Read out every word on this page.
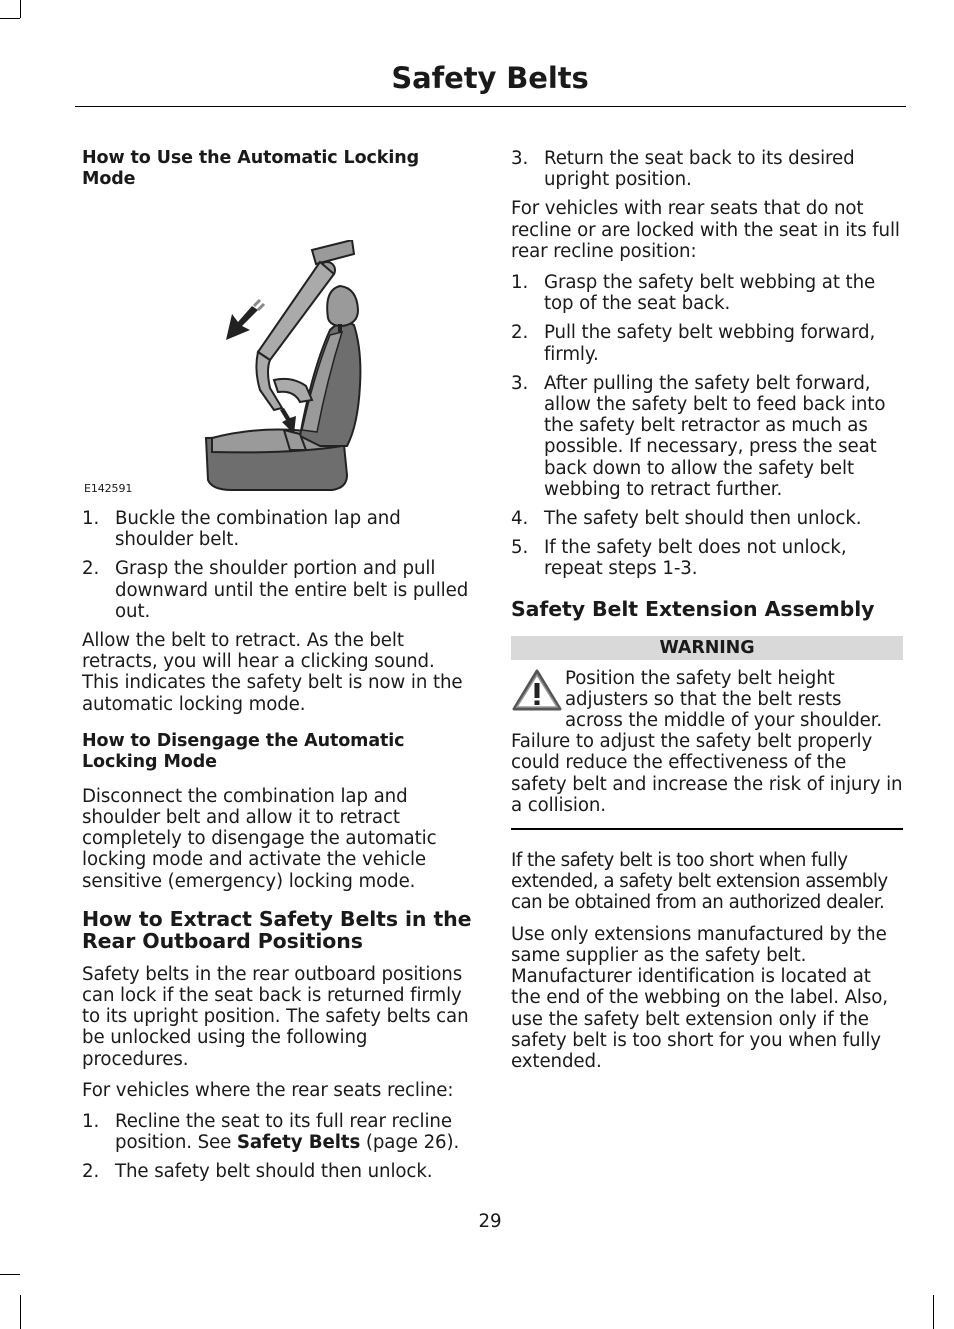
Safety Belts
How to Use the Automatic Locking Mode
E142591
1. Buckle the combination lap and shoulder belt.
2. Grasp the shoulder portion and pull downward until the entire belt is pulled out.

Allow the belt to retract. As the belt retracts, you will hear a clicking sound. This indicates the safety belt is now in the automatic locking mode.

How to Disengage the Automatic Locking Mode

Disconnect the combination lap and shoulder belt and allow it to retract completely to disengage the automatic locking mode and activate the vehicle sensitive (emergency) locking mode.

How to Extract Safety Belts in the Rear Outboard Positions

Safety belts in the rear outboard positions can lock if the seat back is returned firmly to its upright position. The safety belts can be unlocked using the following procedures.

For vehicles where the rear seats recline:

1. Recline the seat to its full rear recline position. See Safety Belts (page 26).
2. The safety belt should then unlock.
3. Return the seat back to its desired upright position.

For vehicles with rear seats that do not recline or are locked with the seat in its full rear recline position:

1. Grasp the safety belt webbing at the top of the seat back.
2. Pull the safety belt webbing forward, firmly.
3. After pulling the safety belt forward, allow the safety belt to feed back into the safety belt retractor as much as possible. If necessary, press the seat back down to allow the safety belt webbing to retract further.
4. The safety belt should then unlock.
5. If the safety belt does not unlock, repeat steps 1-3.
Safety Belt Extension Assembly
WARNING

Position the safety belt height adjusters so that the belt rests across the middle of your shoulder. Failure to adjust the safety belt properly could reduce the effectiveness of the safety belt and increase the risk of injury in a collision.

If the safety belt is too short when fully extended, a safety belt extension assembly can be obtained from an authorized dealer.

Use only extensions manufactured by the same supplier as the safety belt. Manufacturer identification is located at the end of the webbing on the label. Also, use the safety belt extension only if the safety belt is too short for you when fully extended.

29
